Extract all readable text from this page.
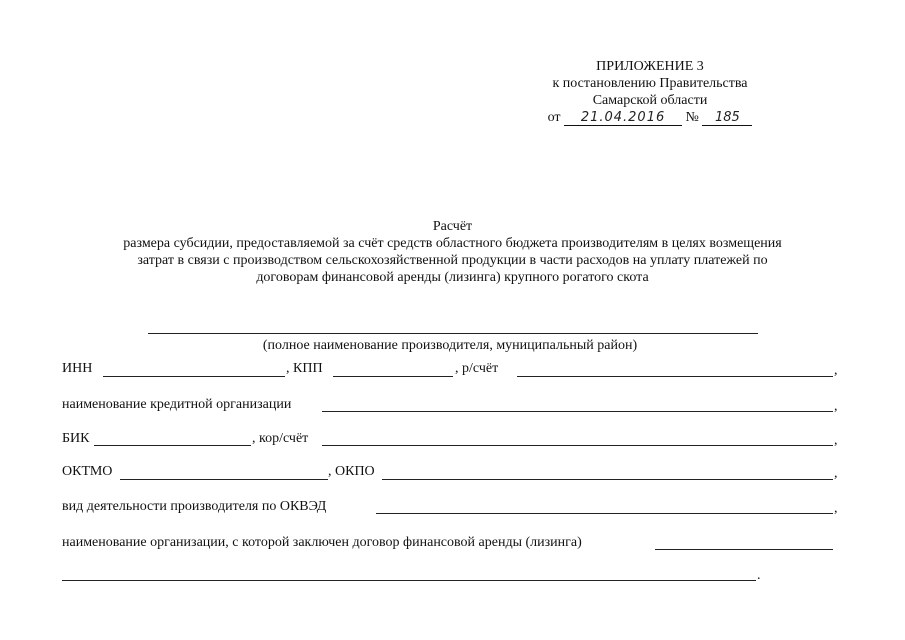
ПРИЛОЖЕНИЕ 3
к постановлению Правительства
Самарской области
от 21.04.2016 № 185
Расчёт
размера субсидии, предоставляемой за счёт средств областного бюджета производителям в целях возмещения
затрат в связи с производством сельскохозяйственной продукции в части расходов на уплату платежей по
договорам финансовой аренды (лизинга) крупного рогатого скота
(полное наименование производителя, муниципальный район)
ИНН	, КПП	, р/счёт	,
наименование кредитной организации	,
БИК	, кор/счёт	,
ОКТМО	, ОКПО	,
вид деятельности производителя по ОКВЭД	,
наименование организации, с которой заключен договор финансовой аренды (лизинга)
.
